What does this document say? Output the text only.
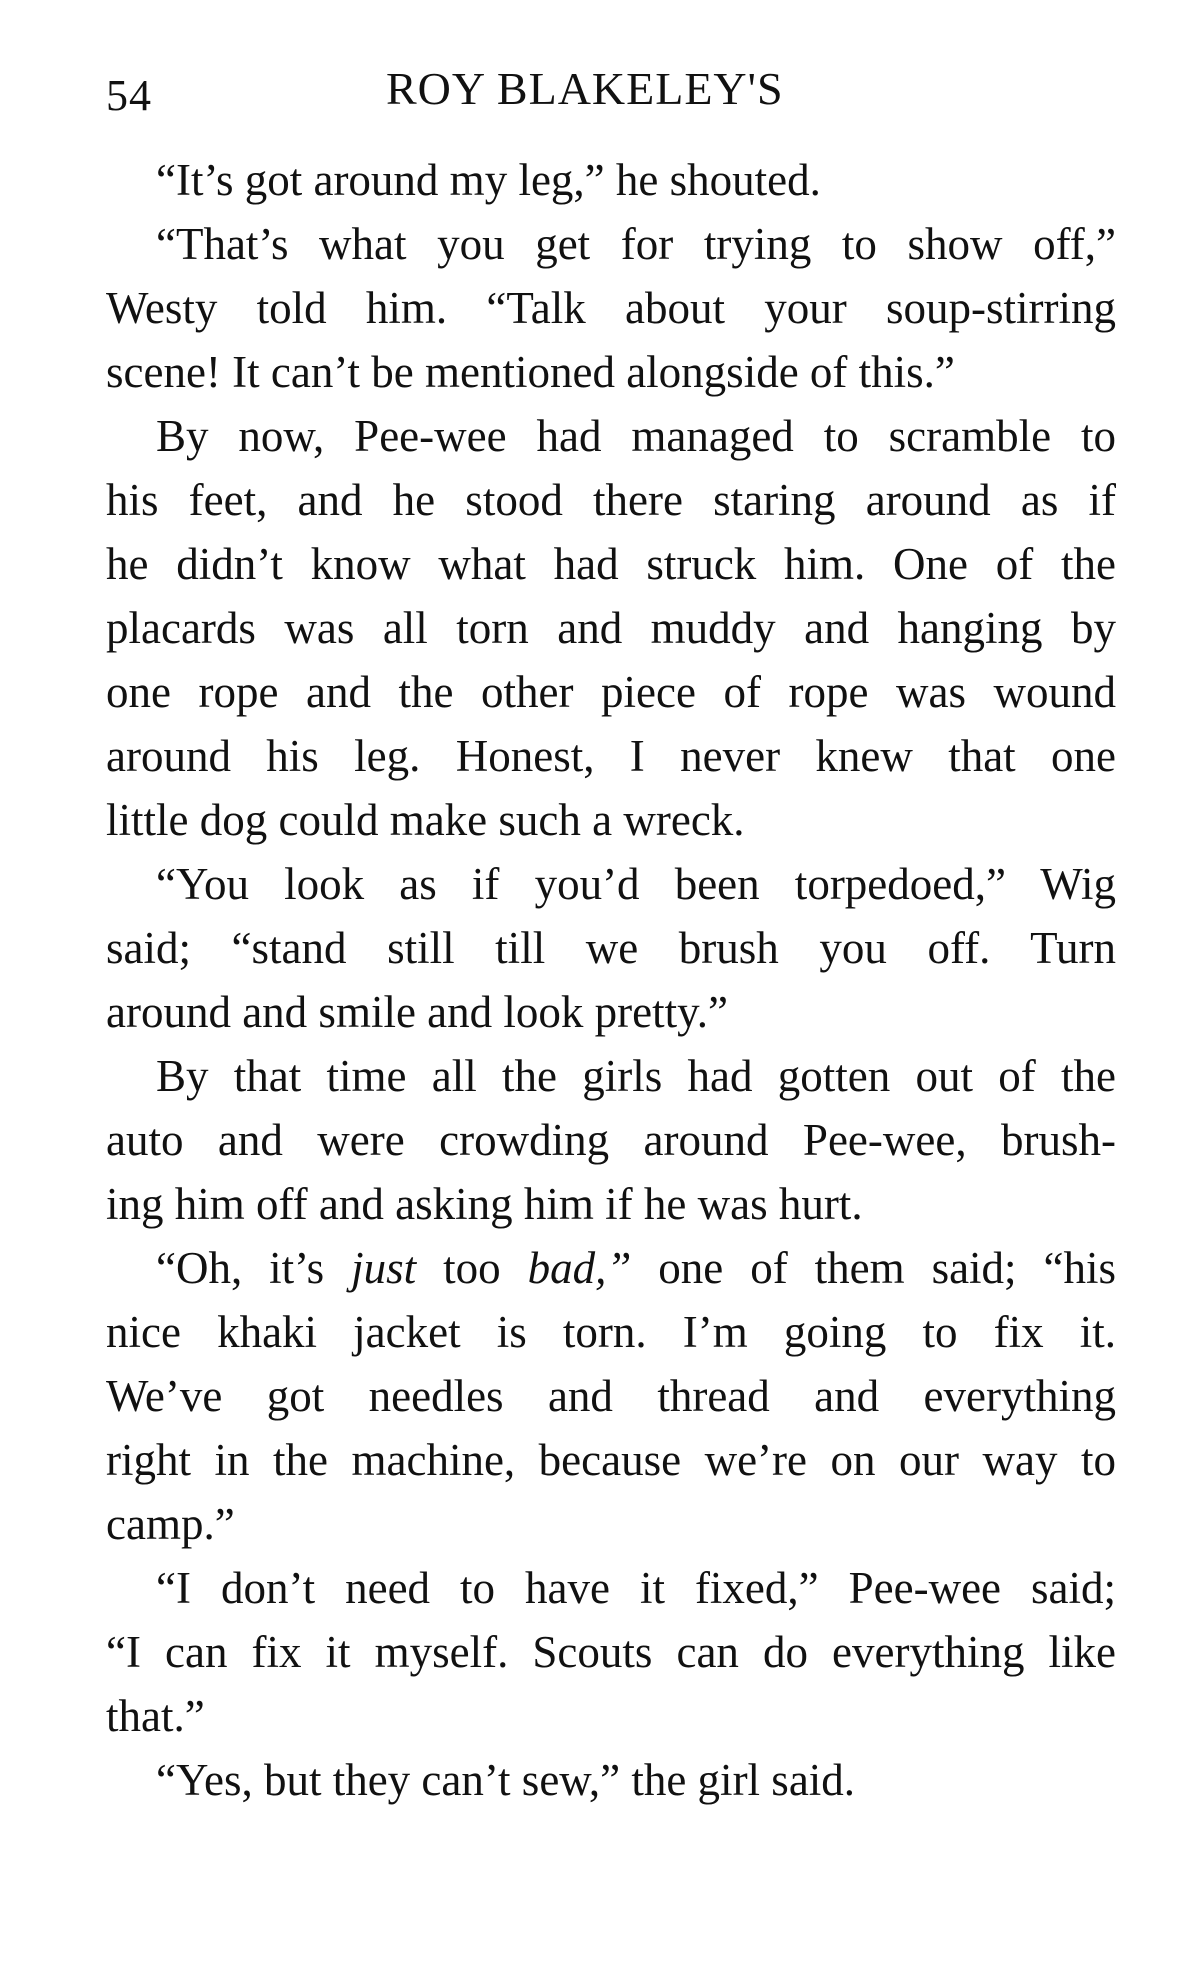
54	ROY BLAKELEY'S
“It’s got around my leg,” he shouted.
“That’s what you get for trying to show off,”
Westy told him. “Talk about your soup-stirring
scene! It can’t be mentioned alongside of this.”
By now, Pee-wee had managed to scramble to
his feet, and he stood there staring around as if
he didn’t know what had struck him. One of the
placards was all torn and muddy and hanging by
one rope and the other piece of rope was wound
around his leg. Honest, I never knew that one
little dog could make such a wreck.
“You look as if you’d been torpedoed,” Wig
said; “stand still till we brush you off. Turn
around and smile and look pretty.”
By that time all the girls had gotten out of the
auto and were crowding around Pee-wee, brush-
ing him off and asking him if he was hurt.
“Oh, it’s just too bad,” one of them said; “his
nice khaki jacket is torn. I’m going to fix it.
We’ve got needles and thread and everything
right in the machine, because we’re on our way to
camp.”
“I don’t need to have it fixed,” Pee-wee said;
“I can fix it myself. Scouts can do everything like
that.”
“Yes, but they can’t sew,” the girl said.
